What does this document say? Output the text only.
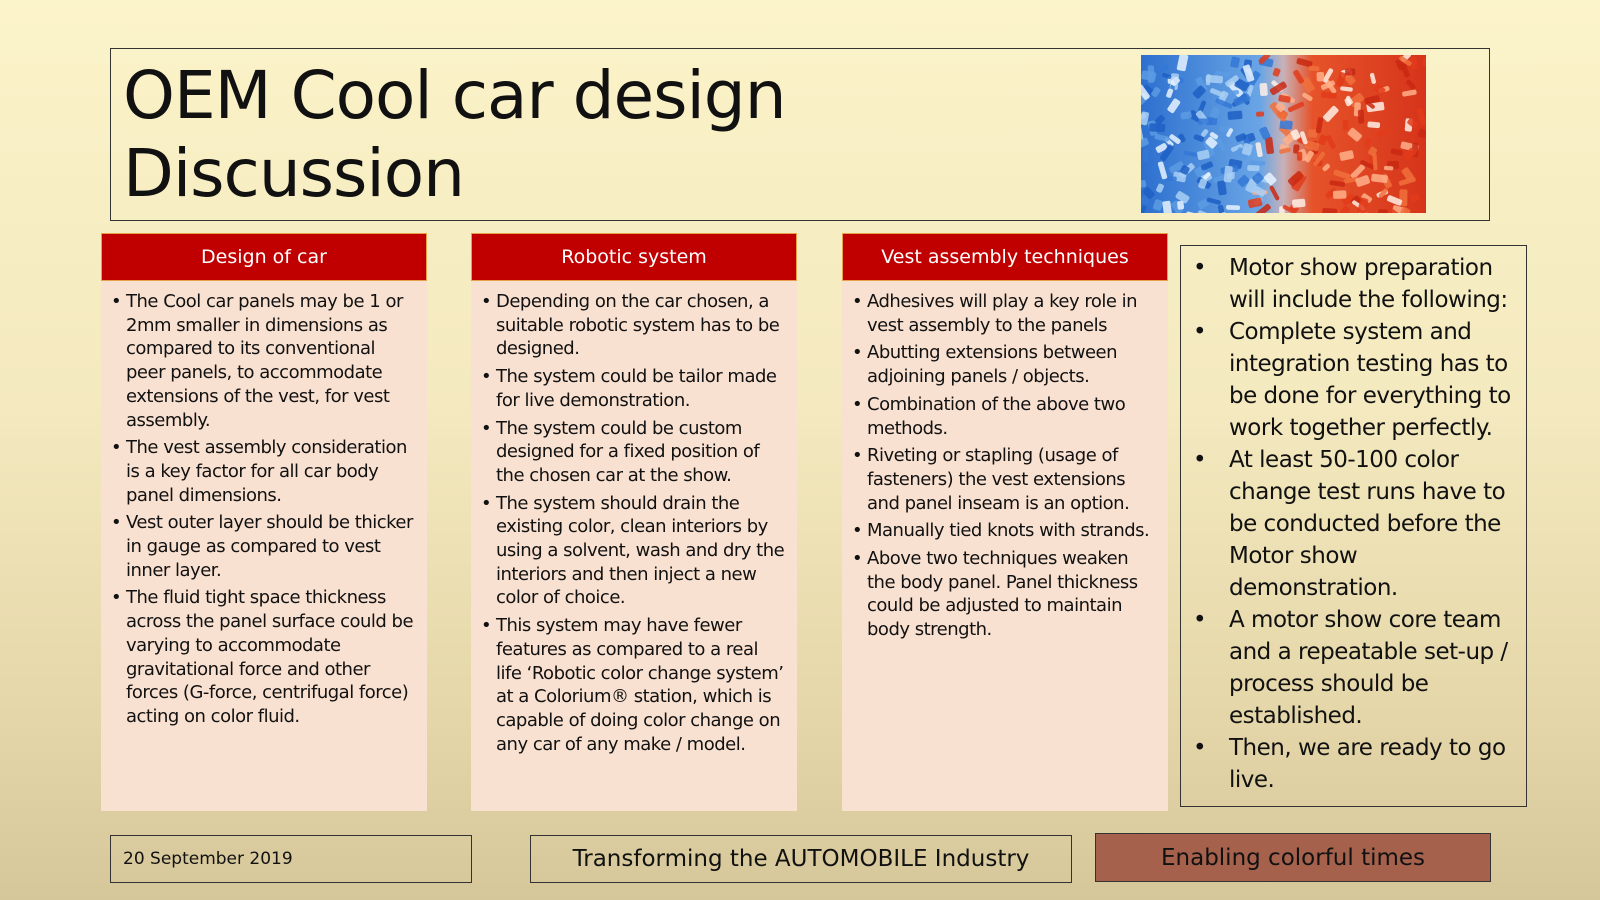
OEM Cool car design
Discussion
Design of car
• The Cool car panels may be 1 or 2mm smaller in dimensions as compared to its conventional peer panels, to accommodate extensions of the vest, for vest assembly.
• The vest assembly consideration is a key factor for all car body panel dimensions.
• Vest outer layer should be thicker in gauge as compared to vest inner layer.
• The fluid tight space thickness across the panel surface could be varying to accommodate gravitational force and other forces (G-force, centrifugal force) acting on color fluid.
Robotic system
• Depending on the car chosen, a suitable robotic system has to be designed.
• The system could be tailor made for live demonstration.
• The system could be custom designed for a fixed position of the chosen car at the show.
• The system should drain the existing color, clean interiors by using a solvent, wash and dry the interiors and then inject a new color of choice.
• This system may have fewer features as compared to a real life ‘Robotic color change system’ at a Colorium® station, which is capable of doing color change on any car of any make / model.
Vest assembly techniques
• Adhesives will play a key role in vest assembly to the panels
• Abutting extensions between adjoining panels / objects.
• Combination of the above two methods.
• Riveting or stapling (usage of fasteners) the vest extensions and panel inseam is an option.
• Manually tied knots with strands.
• Above two techniques weaken the body panel. Panel thickness could be adjusted to maintain body strength.
• Motor show preparation will include the following:
• Complete system and integration testing has to be done for everything to work together perfectly.
• At least 50-100 color change test runs have to be conducted before the Motor show demonstration.
• A motor show core team and a repeatable set-up / process should be established.
• Then, we are ready to go live.
20 September 2019	Transforming the AUTOMOBILE Industry	Enabling colorful times
